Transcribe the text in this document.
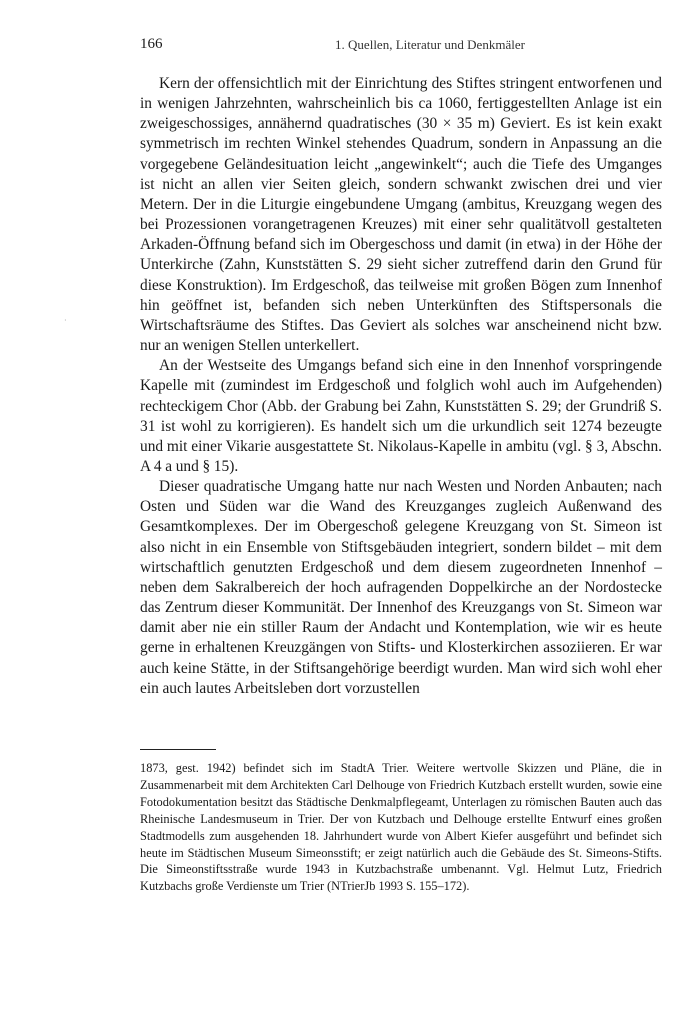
166	1. Quellen, Literatur und Denkmäler
·

Kern der offensichtlich mit der Einrichtung des Stiftes stringent entworfenen und in wenigen Jahrzehnten, wahrscheinlich bis ca 1060, fertiggestellten Anlage ist ein zweigeschossiges, annähernd quadratisches (30 × 35 m) Geviert. Es ist kein exakt symmetrisch im rechten Winkel stehendes Quadrum, sondern in Anpassung an die vorgegebene Geländesituation leicht „angewinkelt“; auch die Tiefe des Umganges ist nicht an allen vier Seiten gleich, sondern schwankt zwischen drei und vier Metern. Der in die Liturgie eingebundene Umgang (ambitus, Kreuzgang wegen des bei Prozessionen vorangetragenen Kreuzes) mit einer sehr qualitätvoll gestalteten Arkaden-Öffnung befand sich im Obergeschoss und damit (in etwa) in der Höhe der Unterkirche (Zahn, Kunststätten S. 29 sieht sicher zutreffend darin den Grund für diese Konstruktion). Im Erdgeschoß, das teilweise mit großen Bögen zum Innenhof hin geöffnet ist, befanden sich neben Unterkünften des Stiftspersonals die Wirtschaftsräume des Stiftes. Das Geviert als solches war anscheinend nicht bzw. nur an wenigen Stellen unterkellert.

An der Westseite des Umgangs befand sich eine in den Innenhof vorspringende Kapelle mit (zumindest im Erdgeschoß und folglich wohl auch im Aufgehenden) rechteckigem Chor (Abb. der Grabung bei Zahn, Kunststätten S. 29; der Grundriß S. 31 ist wohl zu korrigieren). Es handelt sich um die urkundlich seit 1274 bezeugte und mit einer Vikarie ausgestattete St. Nikolaus-Kapelle in ambitu (vgl. § 3, Abschn. A 4 a und § 15).

Dieser quadratische Umgang hatte nur nach Westen und Norden Anbauten; nach Osten und Süden war die Wand des Kreuzganges zugleich Außenwand des Gesamtkomplexes. Der im Obergeschoß gelegene Kreuzgang von St. Simeon ist also nicht in ein Ensemble von Stiftsgebäuden integriert, sondern bildet – mit dem wirtschaftlich genutzten Erdgeschoß und dem diesem zugeordneten Innenhof – neben dem Sakralbereich der hoch aufragenden Doppelkirche an der Nordostecke das Zentrum dieser Kommunität. Der Innenhof des Kreuzgangs von St. Simeon war damit aber nie ein stiller Raum der Andacht und Kontemplation, wie wir es heute gerne in erhaltenen Kreuzgängen von Stifts- und Klosterkirchen assoziieren. Er war auch keine Stätte, in der Stiftsangehörige beerdigt wurden. Man wird sich wohl eher ein auch lautes Arbeitsleben dort vorzustellen

1873, gest. 1942) befindet sich im StadtA Trier. Weitere wertvolle Skizzen und Pläne, die in Zusammenarbeit mit dem Architekten Carl Delhouge von Friedrich Kutzbach erstellt wurden, sowie eine Fotodokumentation besitzt das Städtische Denkmalpflegeamt, Unterlagen zu römischen Bauten auch das Rheinische Landesmuseum in Trier. Der von Kutzbach und Delhouge erstellte Entwurf eines großen Stadtmodells zum ausgehenden 18. Jahrhundert wurde von Albert Kiefer ausgeführt und befindet sich heute im Städtischen Museum Simeonsstift; er zeigt natürlich auch die Gebäude des St. Simeons-Stifts. Die Simeonstiftsstraße wurde 1943 in Kutzbachstraße umbenannt. Vgl. Helmut Lutz, Friedrich Kutzbachs große Verdienste um Trier (NTrierJb 1993 S. 155–172).
